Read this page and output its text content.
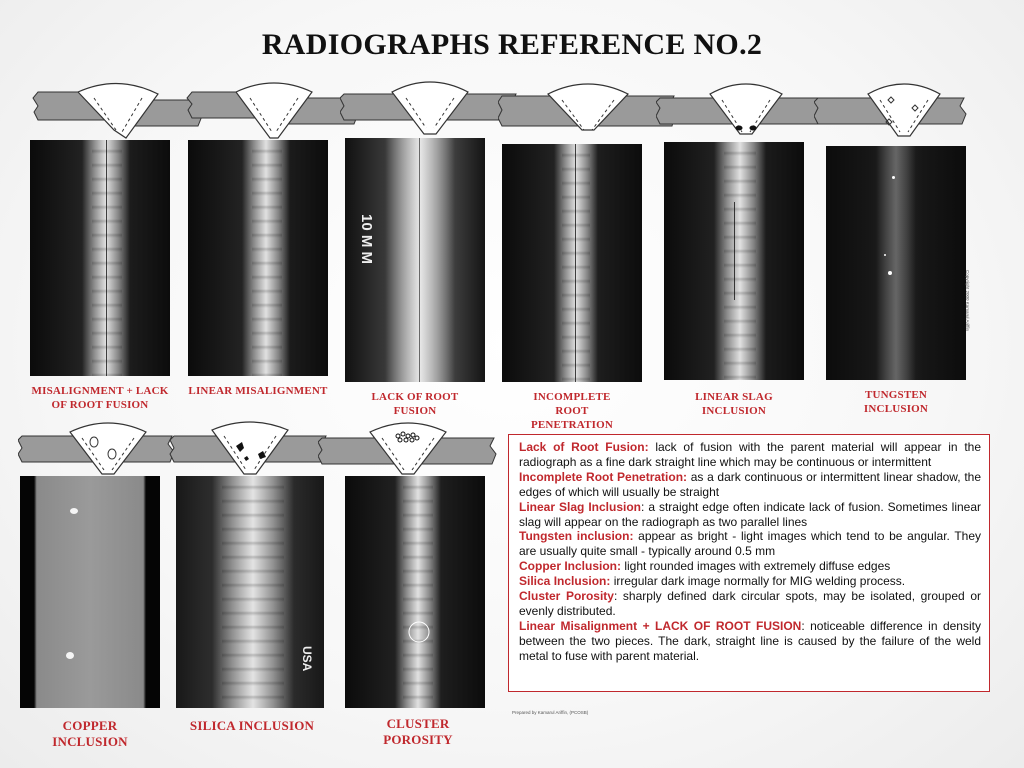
RADIOGRAPHS REFERENCE NO.2
10 M M
MISALIGNMENT + LACK OF ROOT FUSION
LINEAR MISALIGNMENT	LACK OF ROOT FUSION
INCOMPLETE ROOT PENETRATION
LINEAR SLAG INCLUSION
TUNGSTEN INCLUSION
USA
COPPER INCLUSION
SILICA INCLUSION	CLUSTER POROSITY

Lack of Root Fusion: lack of fusion with the parent material will appear in the radiograph as a fine dark straight line which may be continuous or intermittent

Incomplete Root Penetration: as a dark continuous or intermittent linear shadow, the edges of which will usually be straight

Linear Slag Inclusion: a straight edge often indicate lack of fusion. Sometimes linear slag will appear on the radiograph as two parallel lines

Tungsten inclusion: appear as bright - light images which tend to be angular. They are usually quite small - typically around 0.5 mm

Copper Inclusion: light rounded images with extremely diffuse edges

Silica Inclusion: irregular dark image normally for MIG welding process.

Cluster Porosity: sharply defined dark circular spots, may be isolated, grouped or evenly distributed.

Linear Misalignment + LACK OF ROOT FUSION: noticeable difference in density between the two pieces. The dark, straight line is caused by the failure of the weld metal to fuse with parent material.

Prepared by Kamarul Ariffin, (PCOSB)
Copyright 2000 Kamarul Ariffin
